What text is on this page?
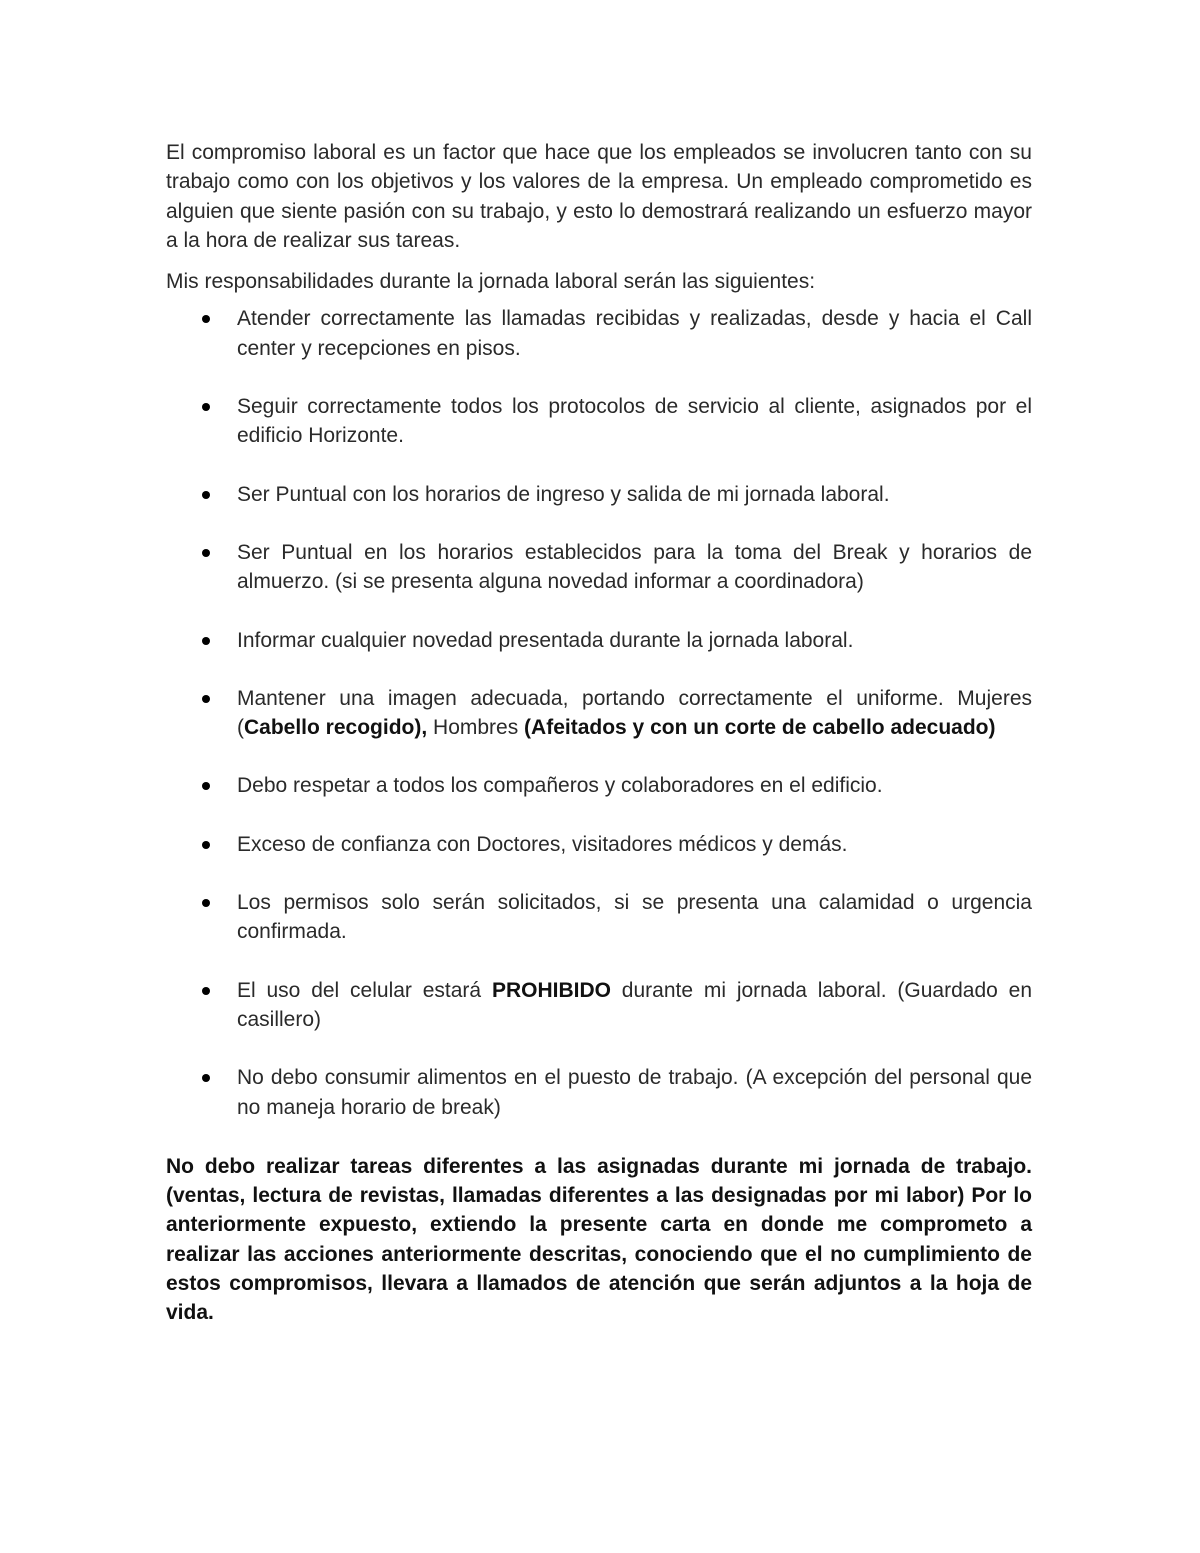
El compromiso laboral es un factor que hace que los empleados se involucren tanto con su trabajo como con los objetivos y los valores de la empresa. Un empleado comprometido es alguien que siente pasión con su trabajo, y esto lo demostrará realizando un esfuerzo mayor a la hora de realizar sus tareas.

Mis responsabilidades durante la jornada laboral serán las siguientes:

Atender correctamente las llamadas recibidas y realizadas, desde y hacia el Call center y recepciones en pisos.
Seguir correctamente todos los protocolos de servicio al cliente, asignados por el edificio Horizonte.
Ser Puntual con los horarios de ingreso y salida de mi jornada laboral.
Ser Puntual en los horarios establecidos para la toma del Break y horarios de almuerzo. (si se presenta alguna novedad informar a coordinadora)
Informar cualquier novedad presentada durante la jornada laboral.
Mantener una imagen adecuada, portando correctamente el uniforme. Mujeres (Cabello recogido), Hombres (Afeitados y con un corte de cabello adecuado)
Debo respetar a todos los compañeros y colaboradores en el edificio.
Exceso de confianza con Doctores, visitadores médicos y demás.
Los permisos solo serán solicitados, si se presenta una calamidad o urgencia confirmada.
El uso del celular estará PROHIBIDO durante mi jornada laboral. (Guardado en casillero)
No debo consumir alimentos en el puesto de trabajo. (A excepción del personal que no maneja horario de break)

No debo realizar tareas diferentes a las asignadas durante mi jornada de trabajo. (ventas, lectura de revistas, llamadas diferentes a las designadas por mi labor) Por lo anteriormente expuesto, extiendo la presente carta en donde me comprometo a realizar las acciones anteriormente descritas, conociendo que el no cumplimiento de estos compromisos, llevara a llamados de atención que serán adjuntos a la hoja de vida.
